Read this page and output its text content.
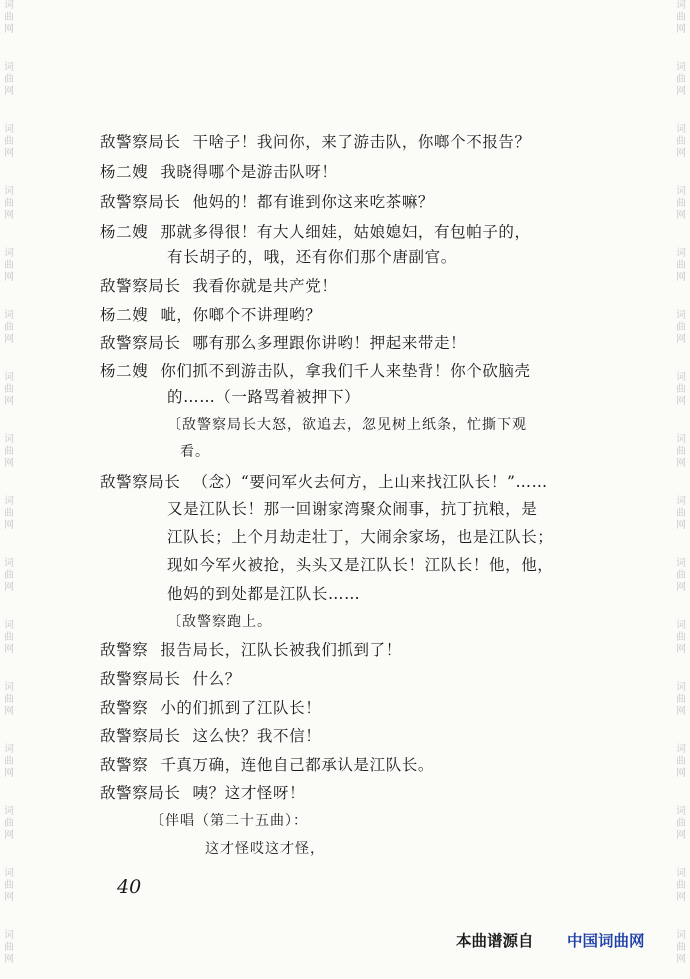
词
曲
网
词
曲
网
词
曲
网
词
曲
网
词
曲
网
词
曲
网
词
曲
网
词
曲
网
词
曲
网
词
曲
网
词
曲
网
词
曲
网
词
曲
网
词
曲
网
词
曲
网
词
曲
网
词
曲
网
词
曲
网
词
曲
网
词
曲
网
词
曲
网
词
曲
网
词
曲
网
词
曲
网
词
曲
网
词
曲
网
词
曲
网
词
曲
网
词
曲
网
词
曲
网
词
曲
网
词
曲
网
敌警察局长 干啥子！我问你，来了游击队，你啷个不报告？
杨二嫂 我晓得哪个是游击队呀！
敌警察局长 他妈的！都有谁到你这来吃茶嘛？
杨二嫂 那就多得很！有大人细娃，姑娘媳妇，有包帕子的，
有长胡子的，哦，还有你们那个唐副官。
敌警察局长 我看你就是共产党！
杨二嫂 呲，你啷个不讲理哟？
敌警察局长 哪有那么多理跟你讲哟！押起来带走！
杨二嫂 你们抓不到游击队，拿我们千人来垫背！你个砍脑壳
的……（一路骂着被押下）
〔敌警察局长大怒，欲追去，忽见树上纸条，忙撕下观
看。
敌警察局长 （念）“要问军火去何方，上山来找江队长！”……
又是江队长！那一回谢家湾聚众闹事，抗丁抗粮，是
江队长；上个月劫走壮丁，大闹余家场，也是江队长；
现如今军火被抢，头头又是江队长！江队长！他，他，
他妈的到处都是江队长……
〔敌警察跑上。
敌警察 报告局长，江队长被我们抓到了！
敌警察局长 什么？
敌警察 小的们抓到了江队长！
敌警察局长 这么快？我不信！
敌警察 千真万确，连他自己都承认是江队长。
敌警察局长 咦？这才怪呀！
〔伴唱（第二十五曲）：
这才怪哎这才怪，
40
本曲谱源自 中国词曲网
